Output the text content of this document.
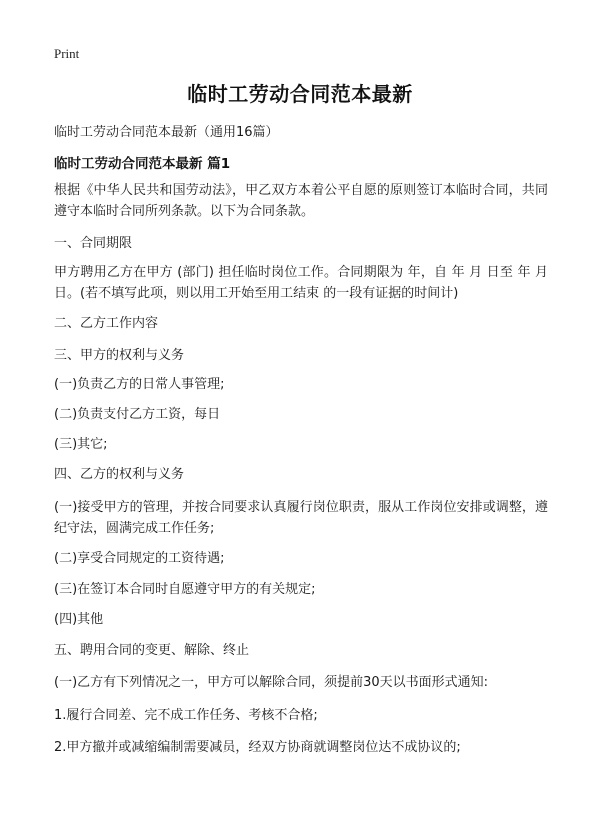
Print
临时工劳动合同范本最新
临时工劳动合同范本最新（通用16篇）
临时工劳动合同范本最新 篇1
根据《中华人民共和国劳动法》，甲乙双方本着公平自愿的原则签订本临时合同，共同遵守本临时合同所列条款。以下为合同条款。
一、合同期限
甲方聘用乙方在甲方 (部门) 担任临时岗位工作。合同期限为 年，自 年 月 日至 年 月 日。(若不填写此项，则以用工开始至用工结束 的一段有证据的时间计)
二、乙方工作内容
三、甲方的权利与义务
(一)负责乙方的日常人事管理;
(二)负责支付乙方工资，每日
(三)其它;
四、乙方的权利与义务
(一)接受甲方的管理，并按合同要求认真履行岗位职责，服从工作岗位安排或调整，遵纪守法，圆满完成工作任务;
(二)享受合同规定的工资待遇;
(三)在签订本合同时自愿遵守甲方的有关规定;
(四)其他
五、聘用合同的变更、解除、终止
(一)乙方有下列情况之一，甲方可以解除合同，须提前30天以书面形式通知:
1.履行合同差、完不成工作任务、考核不合格;
2.甲方撤并或减缩编制需要减员，经双方协商就调整岗位达不成协议的;
